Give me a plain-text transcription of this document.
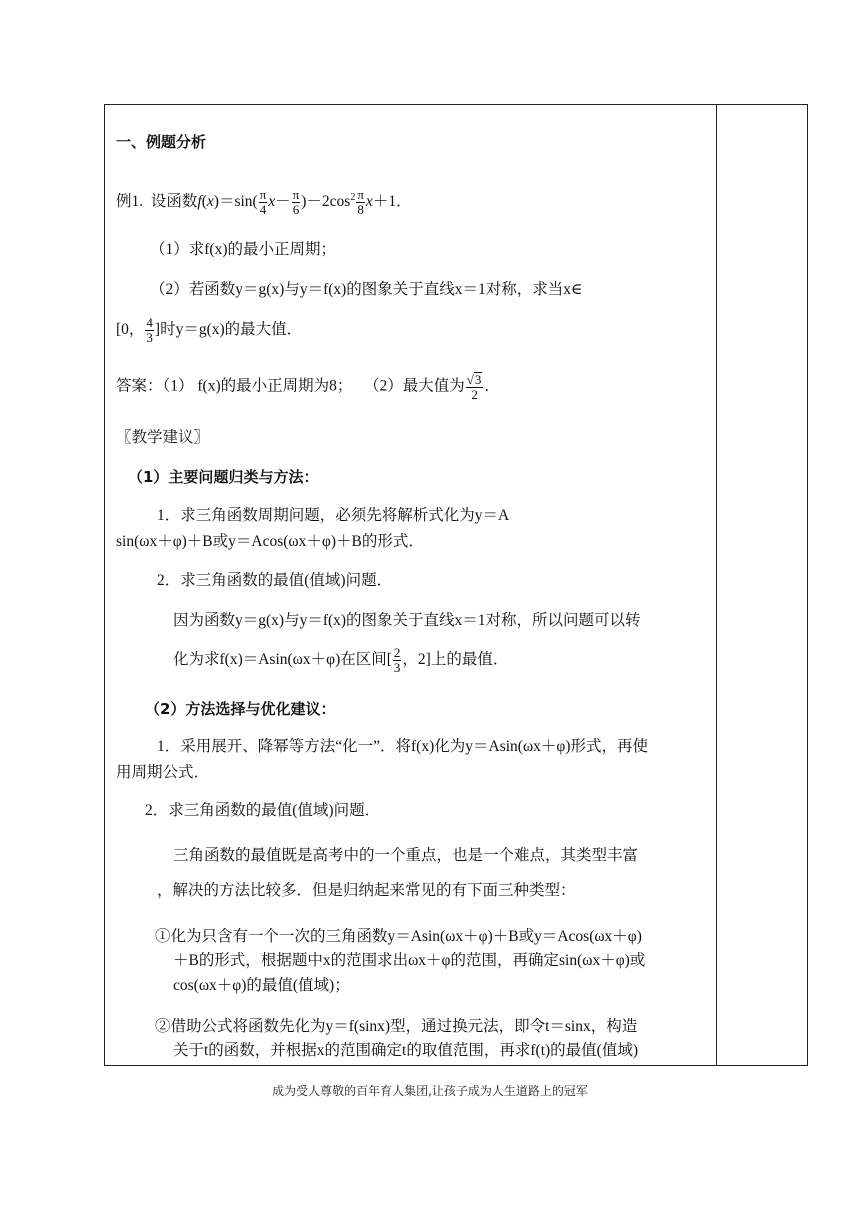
一、例题分析
例1. 设函数$f(x)=\sin( \frac{\pi}{4} x- \frac{\pi}{6} )-2\cos^2 \frac{\pi}{8} x+1$．
（1）求f(x)的最小正周期；
（2）若函数y＝g(x)与y＝f(x)的图象关于直线x＝1对称，求当x∈
[0， $\frac{4}{3}$ ]时y＝g(x)的最大值．
答案：（1） f(x)的最小正周期为8； （2）最大值为 $\frac{√3}{2}$ ．
〖教学建议〗
（1）主要问题归类与方法：
1．求三角函数周期问题，必须先将解析式化为y＝A
sin(ωx＋φ)＋B或y＝Acos(ωx＋φ)＋B的形式．
2．求三角函数的最值(值域)问题．
因为函数y＝g(x)与y＝f(x)的图象关于直线x＝1对称，所以问题可以转
化为求f(x)＝Asin(ωx＋φ)在区间[ $\frac{2}{3}$ ，2]上的最值．
（2）方法选择与优化建议：
1．采用展开、降幂等方法“化一”．将f(x)化为y＝Asin(ωx＋φ)形式，再使
用周期公式．
2．求三角函数的最值(值域)问题．
三角函数的最值既是高考中的一个重点，也是一个难点，其类型丰富
，解决的方法比较多．但是归纳起来常见的有下面三种类型：
①化为只含有一个一次的三角函数y＝Asin(ωx＋φ)＋B或y＝Acos(ωx＋φ)
＋B的形式，根据题中x的范围求出ωx＋φ的范围，再确定sin(ωx＋φ)或
cos(ωx＋φ)的最值(值域)；
②借助公式将函数先化为y＝f(sinx)型，通过换元法，即令t＝sinx，构造
关于t的函数，并根据x的范围确定t的取值范围，再求f(t)的最值(值域)
成为受人尊敬的百年育人集团,让孩子成为人生道路上的冠军
